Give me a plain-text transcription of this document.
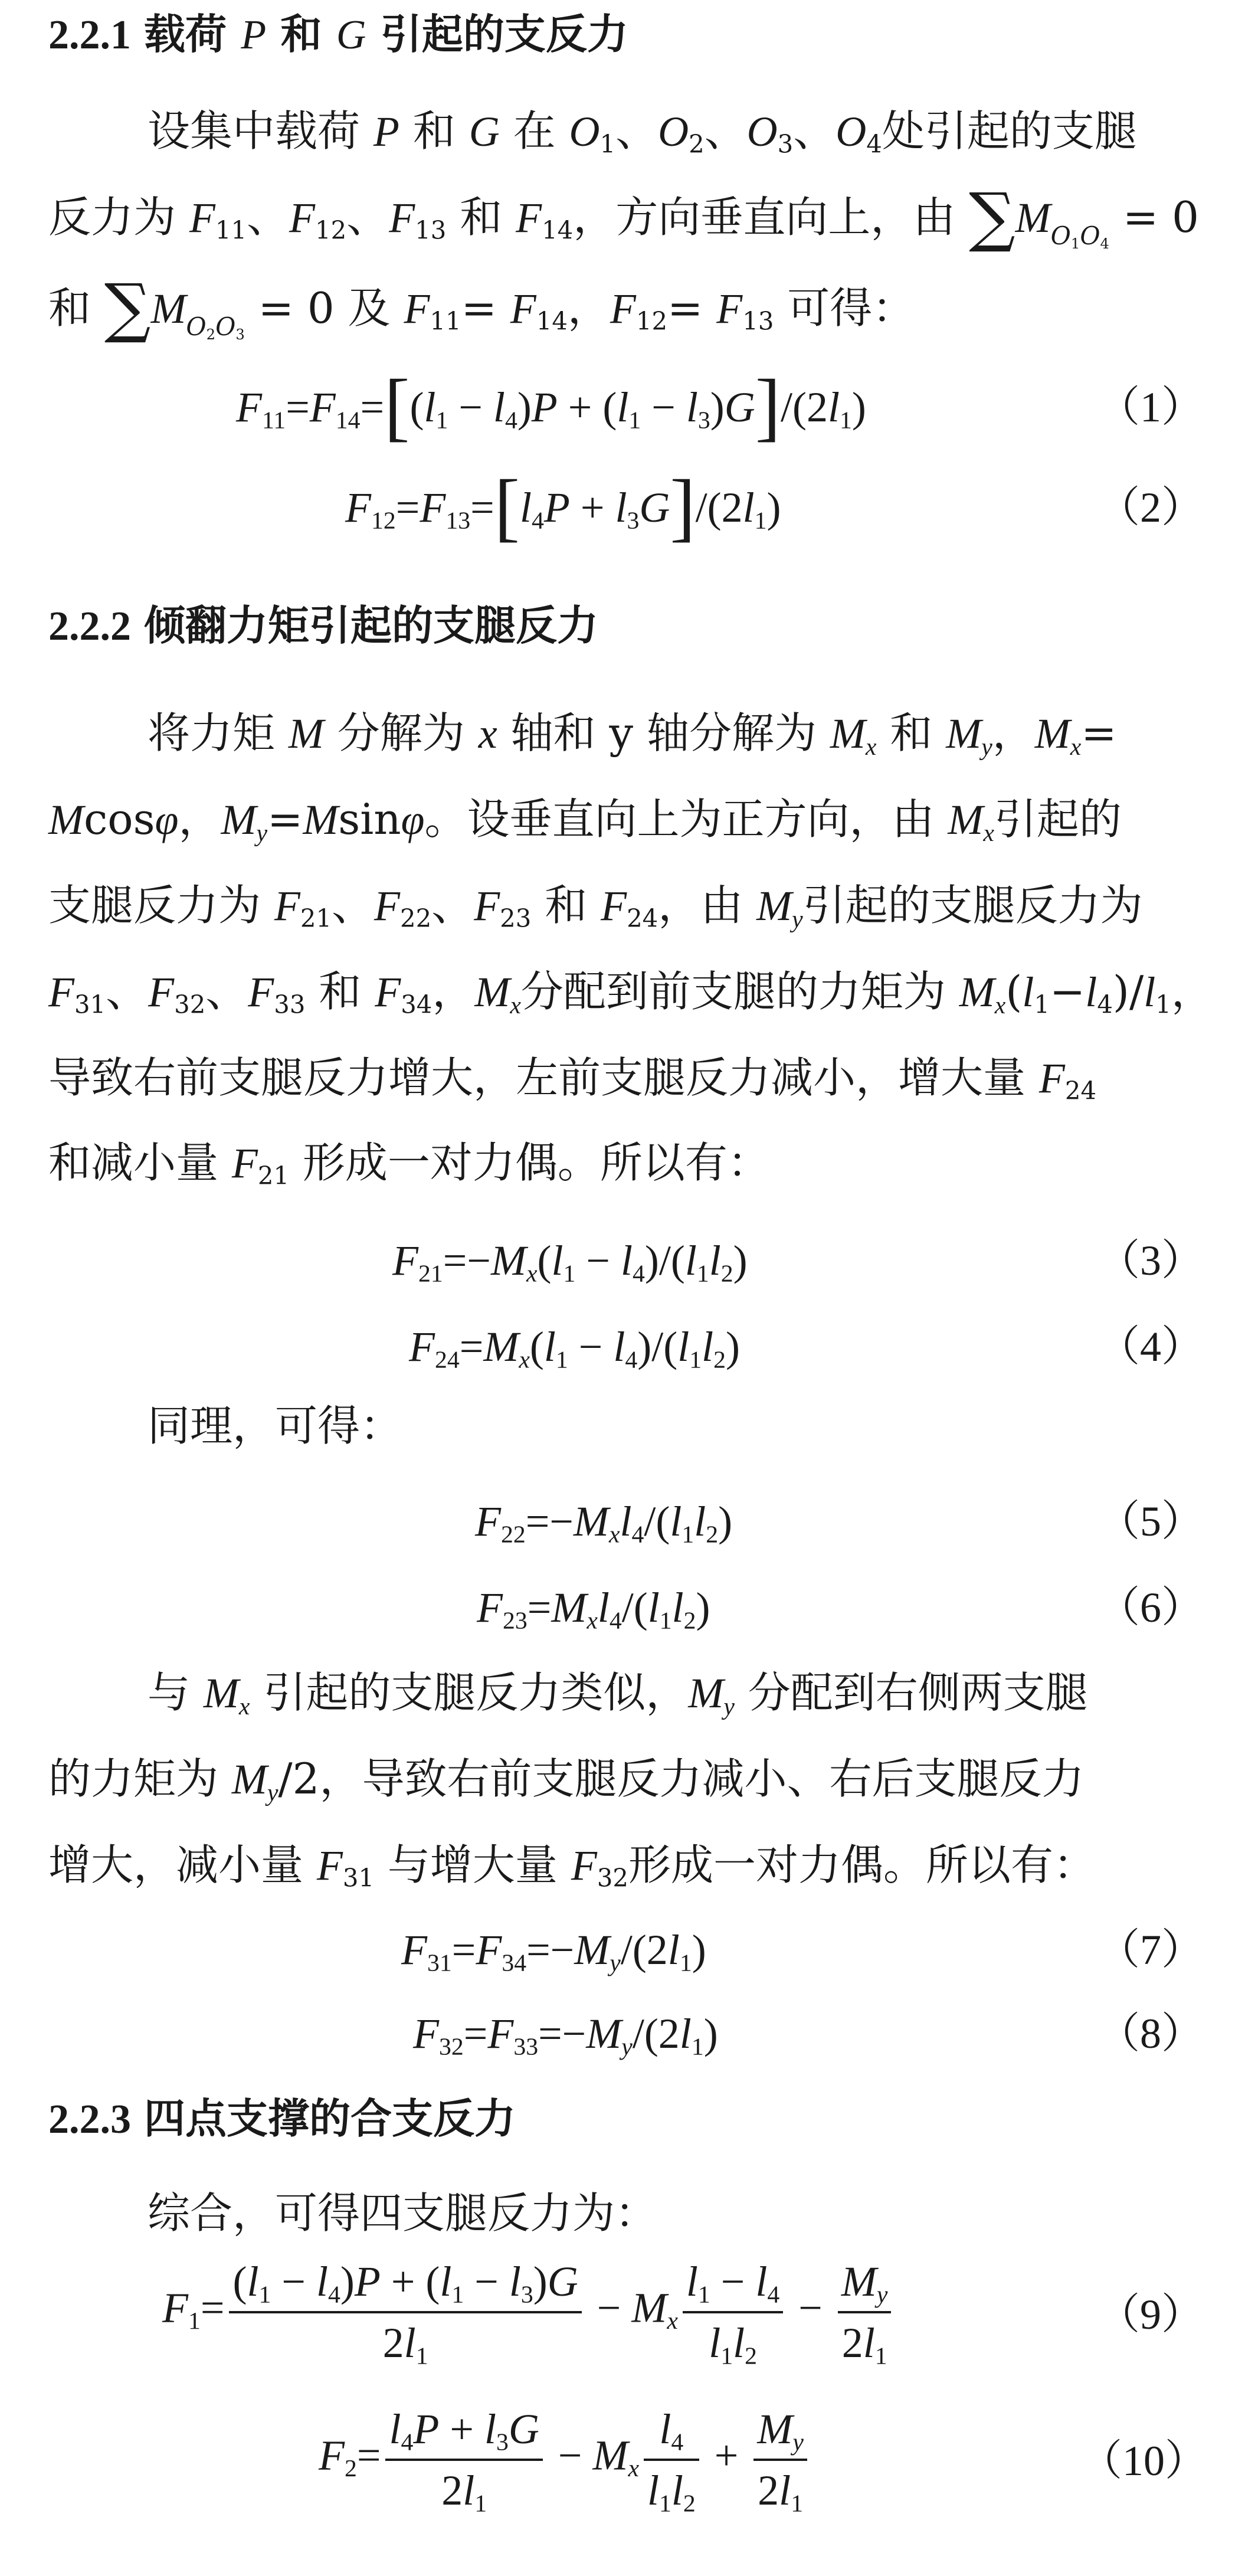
2.2.1 载荷 P 和 G 引起的支反力
设集中载荷 P 和 G 在 $O_1$、$O_2$、$O_3$、$O_4$处引起的支腿
反力为 $F_{11}$、$F_{12}$、$F_{13}$ 和 $F_{14}$，方向垂直向上，由 $\sum M_{O_1O_4} = 0$
和 $\sum M_{O_2O_3} = 0$ 及 $F_{11}= F_{14}$，$F_{12}= F_{13}$ 可得：
$F_{11}=F_{14}=[(l_1 - l_4)P + (l_1 - l_3)G]/(2l_1)$	（1）
$F_{12}=F_{13}=[l_4P + l_3G]/(2l_1)$	（2）
2.2.2 倾翻力矩引起的支腿反力
将力矩 M 分解为 x 轴和 y 轴分解为 $M_x$ 和 $M_y$，$M_x=$
Mcosφ，$M_y=Msin\varphi$。设垂直向上为正方向，由 $M_x$引起的
支腿反力为 $F_{21}$、$F_{22}$、$F_{23}$ 和 $F_{24}$，由 $M_y$引起的支腿反力为
$F_{31}$、$F_{32}$、$F_{33}$ 和 $F_{34}$，$M_x$分配到前支腿的力矩为 $M_x(l_1-l_4)/l_1$，
导致右前支腿反力增大，左前支腿反力减小，增大量 $F_{24}$
和减小量 $F_{21}$ 形成一对力偶。所以有：
$F_{21}=-M_x(l_1 - l_4)/(l_1l_2)$	（3）
$F_{24}=M_x(l_1 - l_4)/(l_1l_2)$	（4）
同理，可得：
$F_{22}=-M_xl_4/(l_1l_2)$	（5）
$F_{23}=M_xl_4/(l_1l_2)$	（6）
与 $M_x$ 引起的支腿反力类似，$M_y$ 分配到右侧两支腿
的力矩为 $M_y/2$，导致右前支腿反力减小、右后支腿反力
增大，减小量 $F_{31}$ 与增大量 $F_{32}$形成一对力偶。所以有：
$F_{31}=F_{34}=-M_y/(2l_1)$	（7）
$F_{32}=F_{33}=-M_y/(2l_1)$	（8）
2.2.3 四点支撑的合支反力
综合，可得四支腿反力为：
$F_1= \frac{(l_1 - l_4)P + (l_1 - l_3)G}{2l_1} - M_x \frac{l_1 - l_4}{l_1l_2} - \frac{M_y}{2l_1}$	（9）
$F_2= \frac{l_4P + l_3G}{2l_1} - M_x \frac{l_4}{l_1l_2} + \frac{M_y}{2l_1}$	（10）
